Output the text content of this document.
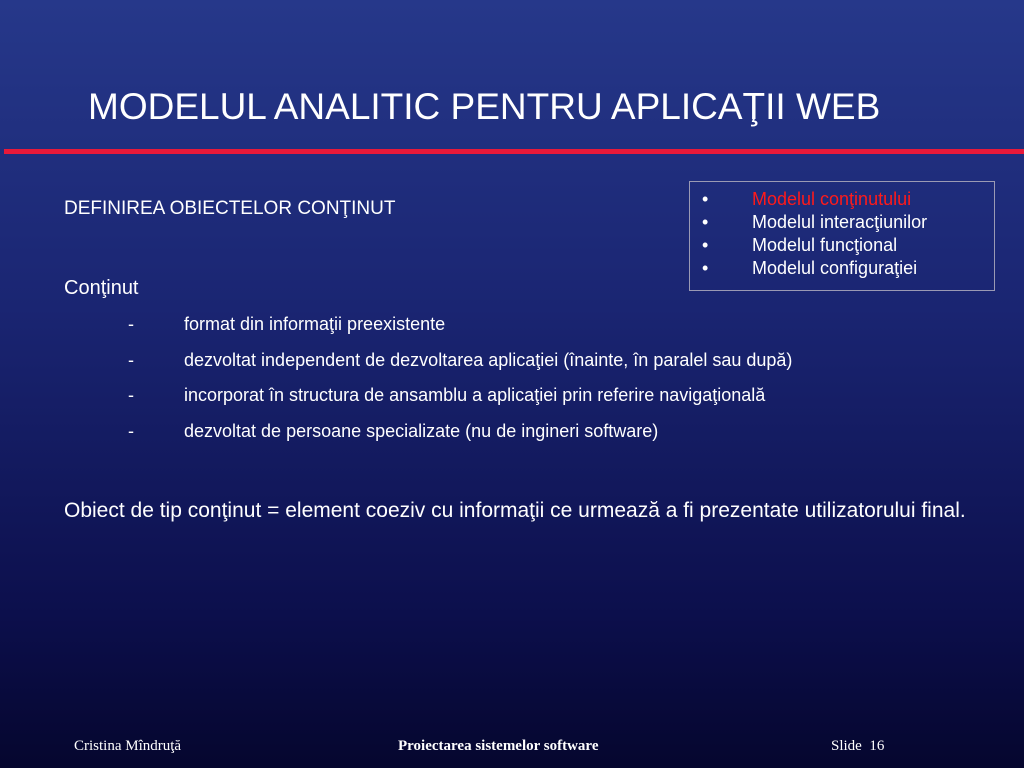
MODELUL ANALITIC PENTRU APLICAŢII WEB
DEFINIREA OBIECTELOR CONŢINUT	• Modelul conţinutului
• Modelul interacţiunilor
• Modelul funcţional
• Modelul configuraţiei
Conţinut
-	format din informaţii preexistente
-	dezvoltat independent de dezvoltarea aplicaţiei (înainte, în paralel sau după)
-	incorporat în structura de ansamblu a aplicaţiei prin referire navigaţională
-	dezvoltat de persoane specializate (nu de ingineri software)
Obiect de tip conţinut = element coeziv cu informaţii ce urmează a fi prezentate utilizatorului final.
Cristina Mîndruţă	Proiectarea sistemelor software	Slide 16
